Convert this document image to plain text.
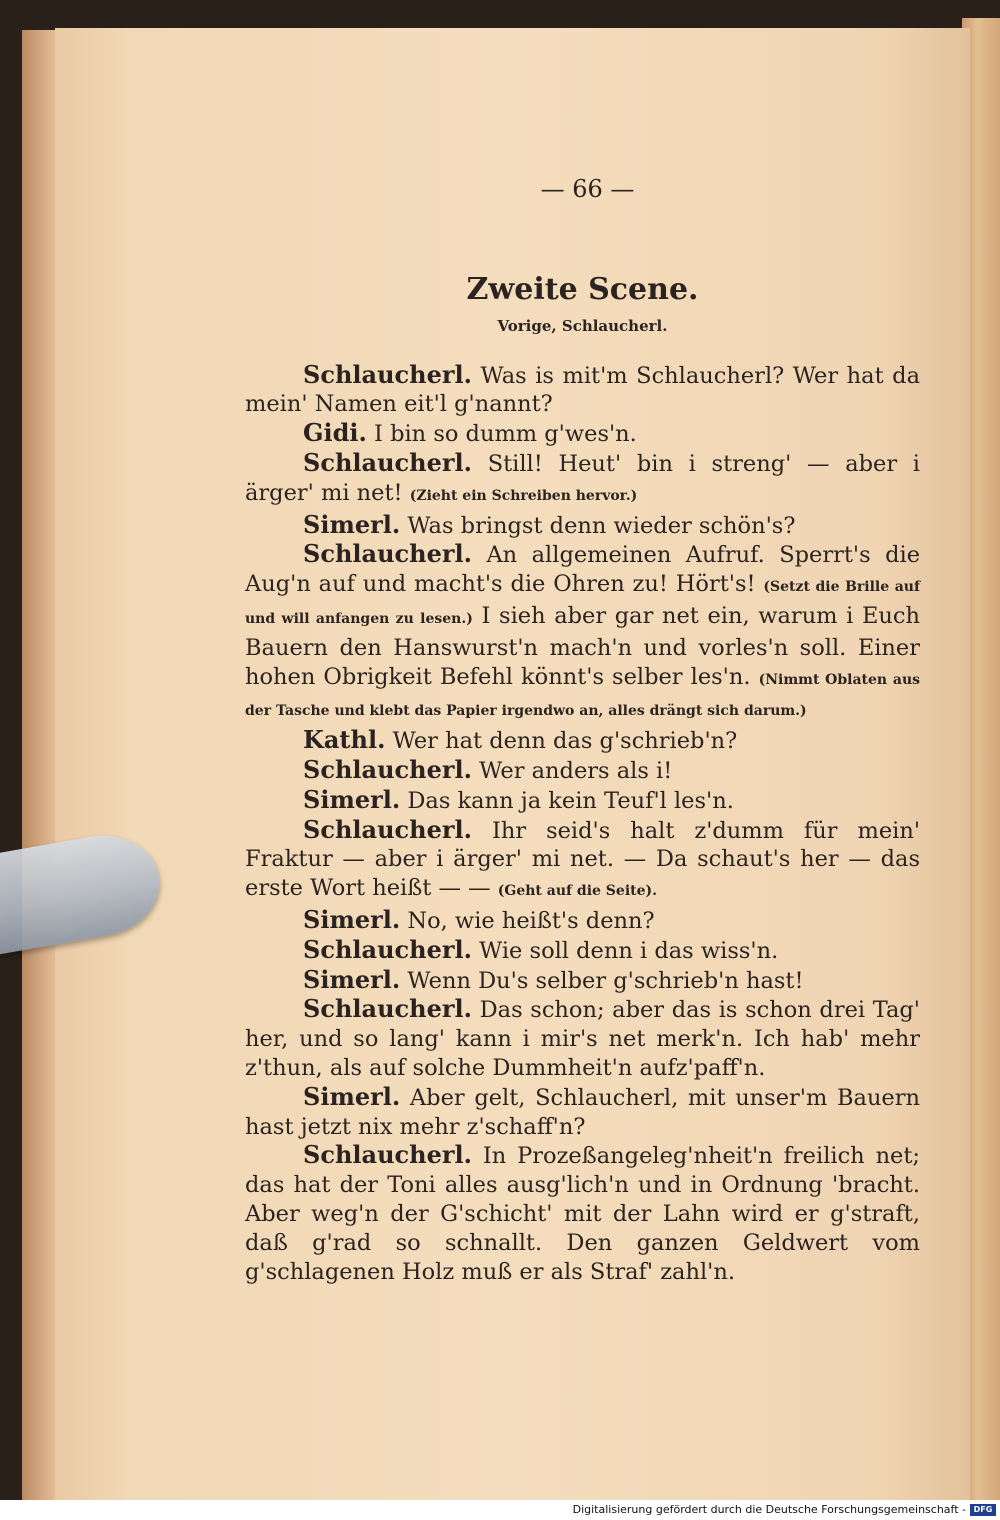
— 66 —
Zweite Scene.
Vorige, Schlaucherl.

Schlaucherl. Was is mit'm Schlaucherl? Wer hat da mein' Namen eit'l g'nannt?

Gidi. I bin so dumm g'wes'n.

Schlaucherl. Still! Heut' bin i streng' — aber i ärger' mi net! (Zieht ein Schreiben hervor.)

Simerl. Was bringst denn wieder schön's?

Schlaucherl. An allgemeinen Aufruf. Sperrt's die Aug'n auf und macht's die Ohren zu! Hört's! (Setzt die Brille auf und will anfangen zu lesen.) I sieh aber gar net ein, warum i Euch Bauern den Hanswurst'n mach'n und vorles'n soll. Einer hohen Obrigkeit Befehl könnt's selber les'n. (Nimmt Oblaten aus der Tasche und klebt das Papier irgendwo an, alles drängt sich darum.)

Kathl. Wer hat denn das g'schrieb'n?

Schlaucherl. Wer anders als i!

Simerl. Das kann ja kein Teuf'l les'n.

Schlaucherl. Ihr seid's halt z'dumm für mein' Fraktur — aber i ärger' mi net. — Da schaut's her — das erste Wort heißt — — (Geht auf die Seite).

Simerl. No, wie heißt's denn?

Schlaucherl. Wie soll denn i das wiss'n.

Simerl. Wenn Du's selber g'schrieb'n hast!

Schlaucherl. Das schon; aber das is schon drei Tag' her, und so lang' kann i mir's net merk'n. Ich hab' mehr z'thun, als auf solche Dummheit'n aufz'paff'n.

Simerl. Aber gelt, Schlaucherl, mit unser'm Bauern hast jetzt nix mehr z'schaff'n?

Schlaucherl. In Prozeßangeleg'nheit'n freilich net; das hat der Toni alles ausg'lich'n und in Ordnung 'bracht. Aber weg'n der G'schicht' mit der Lahn wird er g'straft, daß g'rad so schnallt. Den ganzen Geldwert vom g'schlagenen Holz muß er als Straf' zahl'n.

Digitalisierung gefördert durch die Deutsche Forschungsgemeinschaft - DFG
